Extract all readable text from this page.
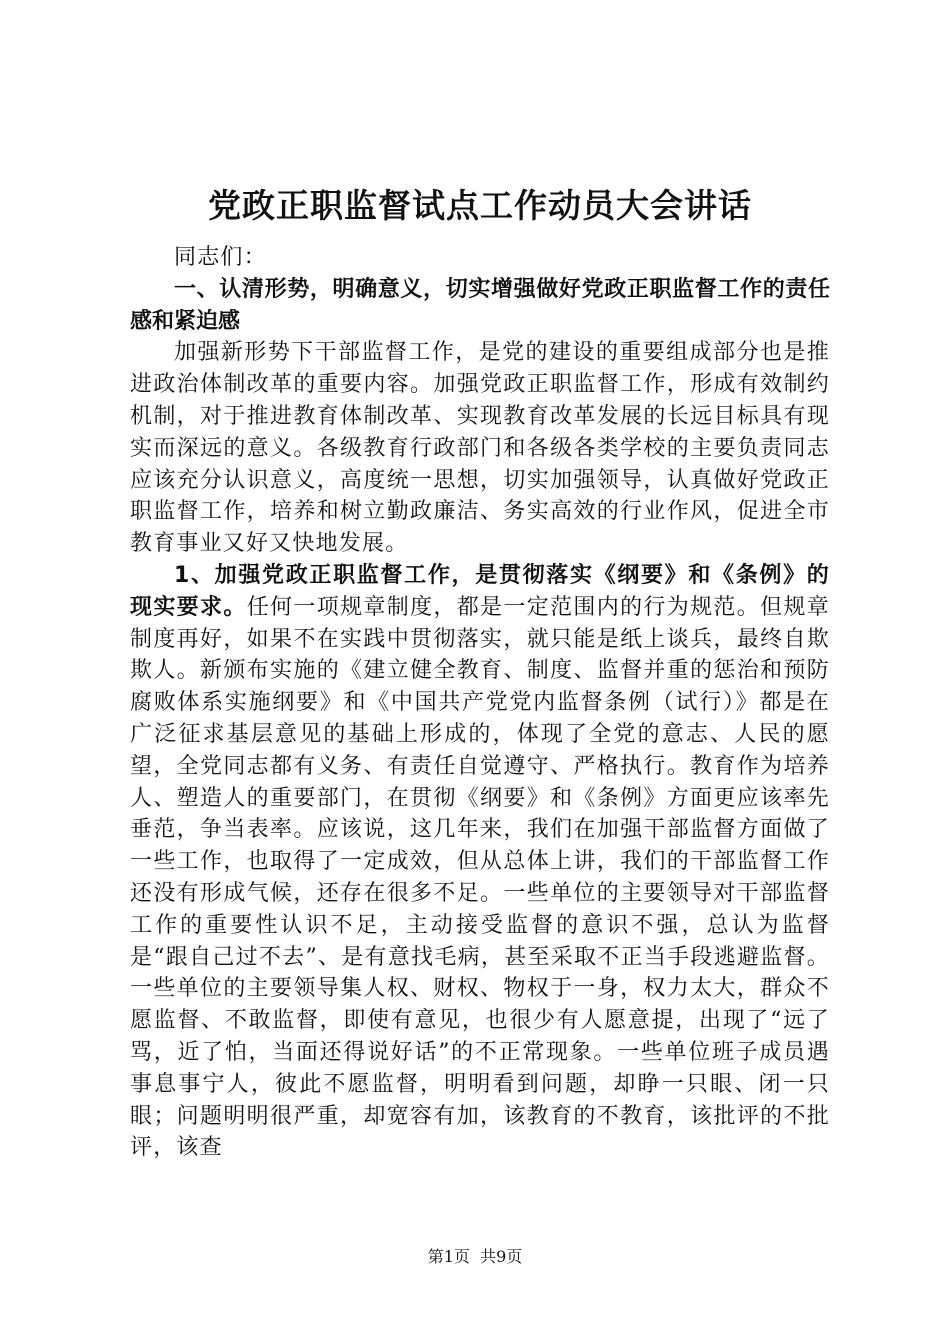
党政正职监督试点工作动员大会讲话

同志们：

一、认清形势，明确意义，切实增强做好党政正职监督工作的责任感和紧迫感

加强新形势下干部监督工作，是党的建设的重要组成部分也是推进政治体制改革的重要内容。加强党政正职监督工作，形成有效制约机制，对于推进教育体制改革、实现教育改革发展的长远目标具有现实而深远的意义。各级教育行政部门和各级各类学校的主要负责同志应该充分认识意义，高度统一思想，切实加强领导，认真做好党政正职监督工作，培养和树立勤政廉洁、务实高效的行业作风，促进全市教育事业又好又快地发展。

1、加强党政正职监督工作，是贯彻落实《纲要》和《条例》的现实要求。任何一项规章制度，都是一定范围内的行为规范。但规章制度再好，如果不在实践中贯彻落实，就只能是纸上谈兵，最终自欺欺人。新颁布实施的《建立健全教育、制度、监督并重的惩治和预防腐败体系实施纲要》和《中国共产党党内监督条例（试行）》都是在广泛征求基层意见的基础上形成的，体现了全党的意志、人民的愿望，全党同志都有义务、有责任自觉遵守、严格执行。教育作为培养人、塑造人的重要部门，在贯彻《纲要》和《条例》方面更应该率先垂范，争当表率。应该说，这几年来，我们在加强干部监督方面做了一些工作，也取得了一定成效，但从总体上讲，我们的干部监督工作还没有形成气候，还存在很多不足。一些单位的主要领导对干部监督工作的重要性认识不足，主动接受监督的意识不强，总认为监督是“跟自己过不去”、是有意找毛病，甚至采取不正当手段逃避监督。一些单位的主要领导集人权、财权、物权于一身，权力太大，群众不愿监督、不敢监督，即使有意见，也很少有人愿意提，出现了“远了骂，近了怕，当面还得说好话”的不正常现象。一些单位班子成员遇事息事宁人，彼此不愿监督，明明看到问题，却睁一只眼、闭一只眼；问题明明很严重，却宽容有加，该教育的不教育，该批评的不批评，该查

第1页  共9页
